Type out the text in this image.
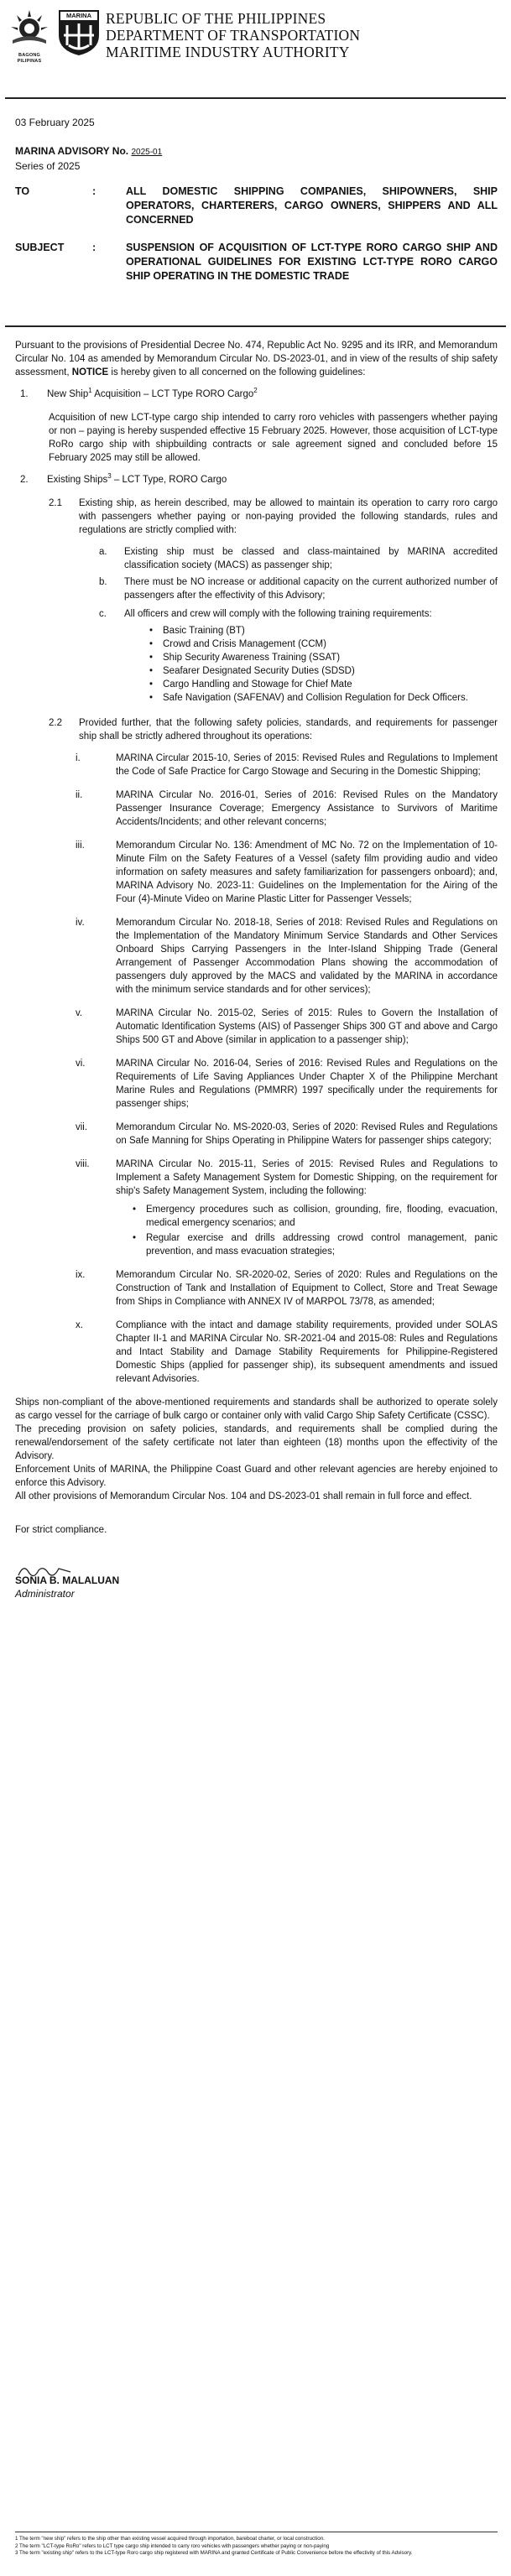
BAGONG PILIPINAS
MARINA REPUBLIC OF THE PHILIPPINES
DEPARTMENT OF TRANSPORTATION
MARITIME INDUSTRY AUTHORITY
03 February 2025
MARINA ADVISORY No. 2025-01
Series of 2025
TO	:	ALL DOMESTIC SHIPPING COMPANIES, SHIPOWNERS, SHIP OPERATORS, CHARTERERS, CARGO OWNERS, SHIPPERS AND ALL CONCERNED
SUBJECT	:	SUSPENSION OF ACQUISITION OF LCT-TYPE RORO CARGO SHIP AND OPERATIONAL GUIDELINES FOR EXISTING LCT-TYPE RORO CARGO SHIP OPERATING IN THE DOMESTIC TRADE

Pursuant to the provisions of Presidential Decree No. 474, Republic Act No. 9295 and its IRR, and Memorandum Circular No. 104 as amended by Memorandum Circular No. DS-2023-01, and in view of the results of ship safety assessment, NOTICE is hereby given to all concerned on the following guidelines:

1.	New Ship$^1$ Acquisition – LCT Type RORO Cargo$^2$

Acquisition of new LCT-type cargo ship intended to carry roro vehicles with passengers whether paying or non – paying is hereby suspended effective 15 February 2025. However, those acquisition of LCT-type RoRo cargo ship with shipbuilding contracts or sale agreement signed and concluded before 15 February 2025 may still be allowed.

2.	Existing Ships$^3$ – LCT Type, RORO Cargo
2.1	Existing ship, as herein described, may be allowed to maintain its operation to carry roro cargo with passengers whether paying or non-paying provided the following standards, rules and regulations are strictly complied with:
a.	Existing ship must be classed and class-maintained by MARINA accredited classification society (MACS) as passenger ship;
b.	There must be NO increase or additional capacity on the current authorized number of passengers after the effectivity of this Advisory;
c.	All officers and crew will comply with the following training requirements:
•	Basic Training (BT)
•	Crowd and Crisis Management (CCM)
•	Ship Security Awareness Training (SSAT)
•	Seafarer Designated Security Duties (SDSD)
•	Cargo Handling and Stowage for Chief Mate
•	Safe Navigation (SAFENAV) and Collision Regulation for Deck Officers.
2.2	Provided further, that the following safety policies, standards, and requirements for passenger ship shall be strictly adhered throughout its operations:
i.	MARINA Circular 2015-10, Series of 2015: Revised Rules and Regulations to Implement the Code of Safe Practice for Cargo Stowage and Securing in the Domestic Shipping;
ii.	MARINA Circular No. 2016-01, Series of 2016: Revised Rules on the Mandatory Passenger Insurance Coverage; Emergency Assistance to Survivors of Maritime Accidents/Incidents; and other relevant concerns;
iii.	Memorandum Circular No. 136: Amendment of MC No. 72 on the Implementation of 10-Minute Film on the Safety Features of a Vessel (safety film providing audio and video information on safety measures and safety familiarization for passengers onboard); and, MARINA Advisory No. 2023-11: Guidelines on the Implementation for the Airing of the Four (4)-Minute Video on Marine Plastic Litter for Passenger Vessels;
iv.	Memorandum Circular No. 2018-18, Series of 2018: Revised Rules and Regulations on the Implementation of the Mandatory Minimum Service Standards and Other Services Onboard Ships Carrying Passengers in the Inter-Island Shipping Trade (General Arrangement of Passenger Accommodation Plans showing the accommodation of passengers duly approved by the MACS and validated by the MARINA in accordance with the minimum service standards and for other services);
v.	MARINA Circular No. 2015-02, Series of 2015: Rules to Govern the Installation of Automatic Identification Systems (AIS) of Passenger Ships 300 GT and above and Cargo Ships 500 GT and Above (similar in application to a passenger ship);
vi.	MARINA Circular No. 2016-04, Series of 2016: Revised Rules and Regulations on the Requirements of Life Saving Appliances Under Chapter X of the Philippine Merchant Marine Rules and Regulations (PMMRR) 1997 specifically under the requirements for passenger ships;
vii.	Memorandum Circular No. MS-2020-03, Series of 2020: Revised Rules and Regulations on Safe Manning for Ships Operating in Philippine Waters for passenger ships category;
viii.	MARINA Circular No. 2015-11, Series of 2015: Revised Rules and Regulations to Implement a Safety Management System for Domestic Shipping, on the requirement for ship's Safety Management System, including the following:
•	Emergency procedures such as collision, grounding, fire, flooding, evacuation, medical emergency scenarios; and
•	Regular exercise and drills addressing crowd control management, panic prevention, and mass evacuation strategies;
ix.	Memorandum Circular No. SR-2020-02, Series of 2020: Rules and Regulations on the Construction of Tank and Installation of Equipment to Collect, Store and Treat Sewage from Ships in Compliance with ANNEX IV of MARPOL 73/78, as amended;
x.	Compliance with the intact and damage stability requirements, provided under SOLAS Chapter II-1 and MARINA Circular No. SR-2021-04 and 2015-08: Rules and Regulations and Intact Stability and Damage Stability Requirements for Philippine-Registered Domestic Ships (applied for passenger ship), its subsequent amendments and issued relevant Advisories.

Ships non-compliant of the above-mentioned requirements and standards shall be authorized to operate solely as cargo vessel for the carriage of bulk cargo or container only with valid Cargo Ship Safety Certificate (CSSC).

The preceding provision on safety policies, standards, and requirements shall be complied during the renewal/endorsement of the safety certificate not later than eighteen (18) months upon the effectivity of the Advisory.

Enforcement Units of MARINA, the Philippine Coast Guard and other relevant agencies are hereby enjoined to enforce this Advisory.

All other provisions of Memorandum Circular Nos. 104 and DS-2023-01 shall remain in full force and effect.

For strict compliance.

SONIA B. MALALUAN
Administrator
1 The term "new ship" refers to the ship other than existing vessel acquired through importation, bareboat charter, or local construction.
2 The term "LCT-type RoRo" refers to LCT type cargo ship intended to carry roro vehicles with passengers whether paying or non-paying
3 The term "existing ship" refers to the LCT-type Roro cargo ship registered with MARINA and granted Certificate of Public Convenience before the effectivity of this Advisory.
